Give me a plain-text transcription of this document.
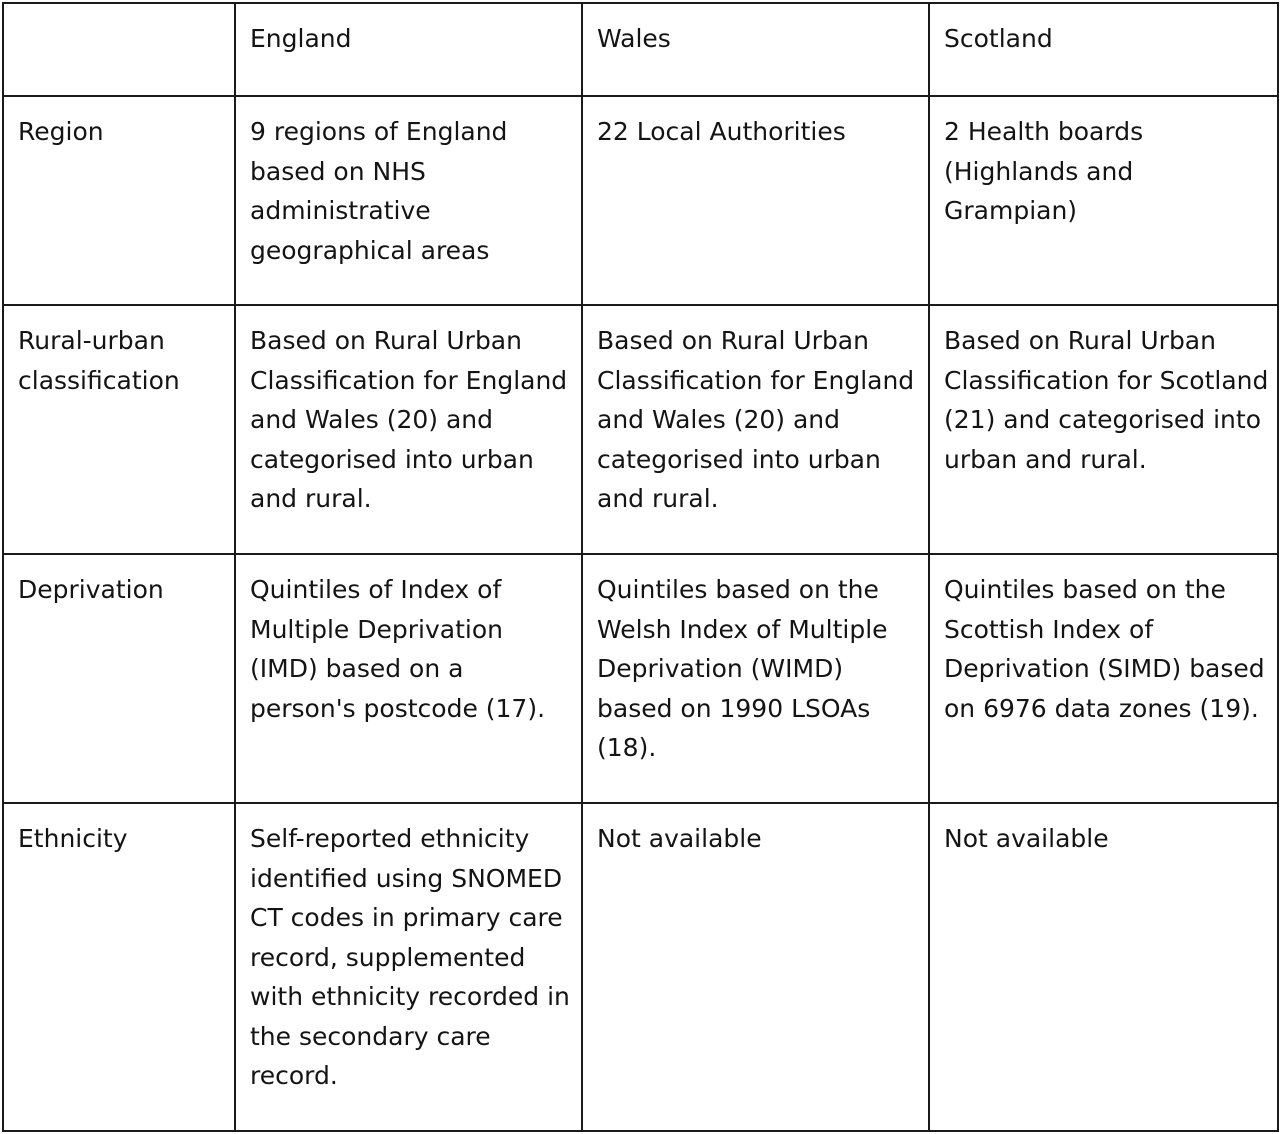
	England	Wales	Scotland
Region	9 regions of England based on NHS administrative geographical areas	22 Local Authorities	2 Health boards (Highlands and Grampian)
Rural-urban classification	Based on Rural Urban Classification for England and Wales (20) and categorised into urban and rural.	Based on Rural Urban Classification for England and Wales (20) and categorised into urban and rural.	Based on Rural Urban Classification for Scotland (21) and categorised into urban and rural.
Deprivation	Quintiles of Index of Multiple Deprivation (IMD) based on a person's postcode (17).	Quintiles based on the Welsh Index of Multiple Deprivation (WIMD) based on 1990 LSOAs (18).	Quintiles based on the Scottish Index of Deprivation (SIMD) based on 6976 data zones (19).
Ethnicity	Self-reported ethnicity identified using SNOMED CT codes in primary care record, supplemented with ethnicity recorded in the secondary care record.	Not available	Not available
